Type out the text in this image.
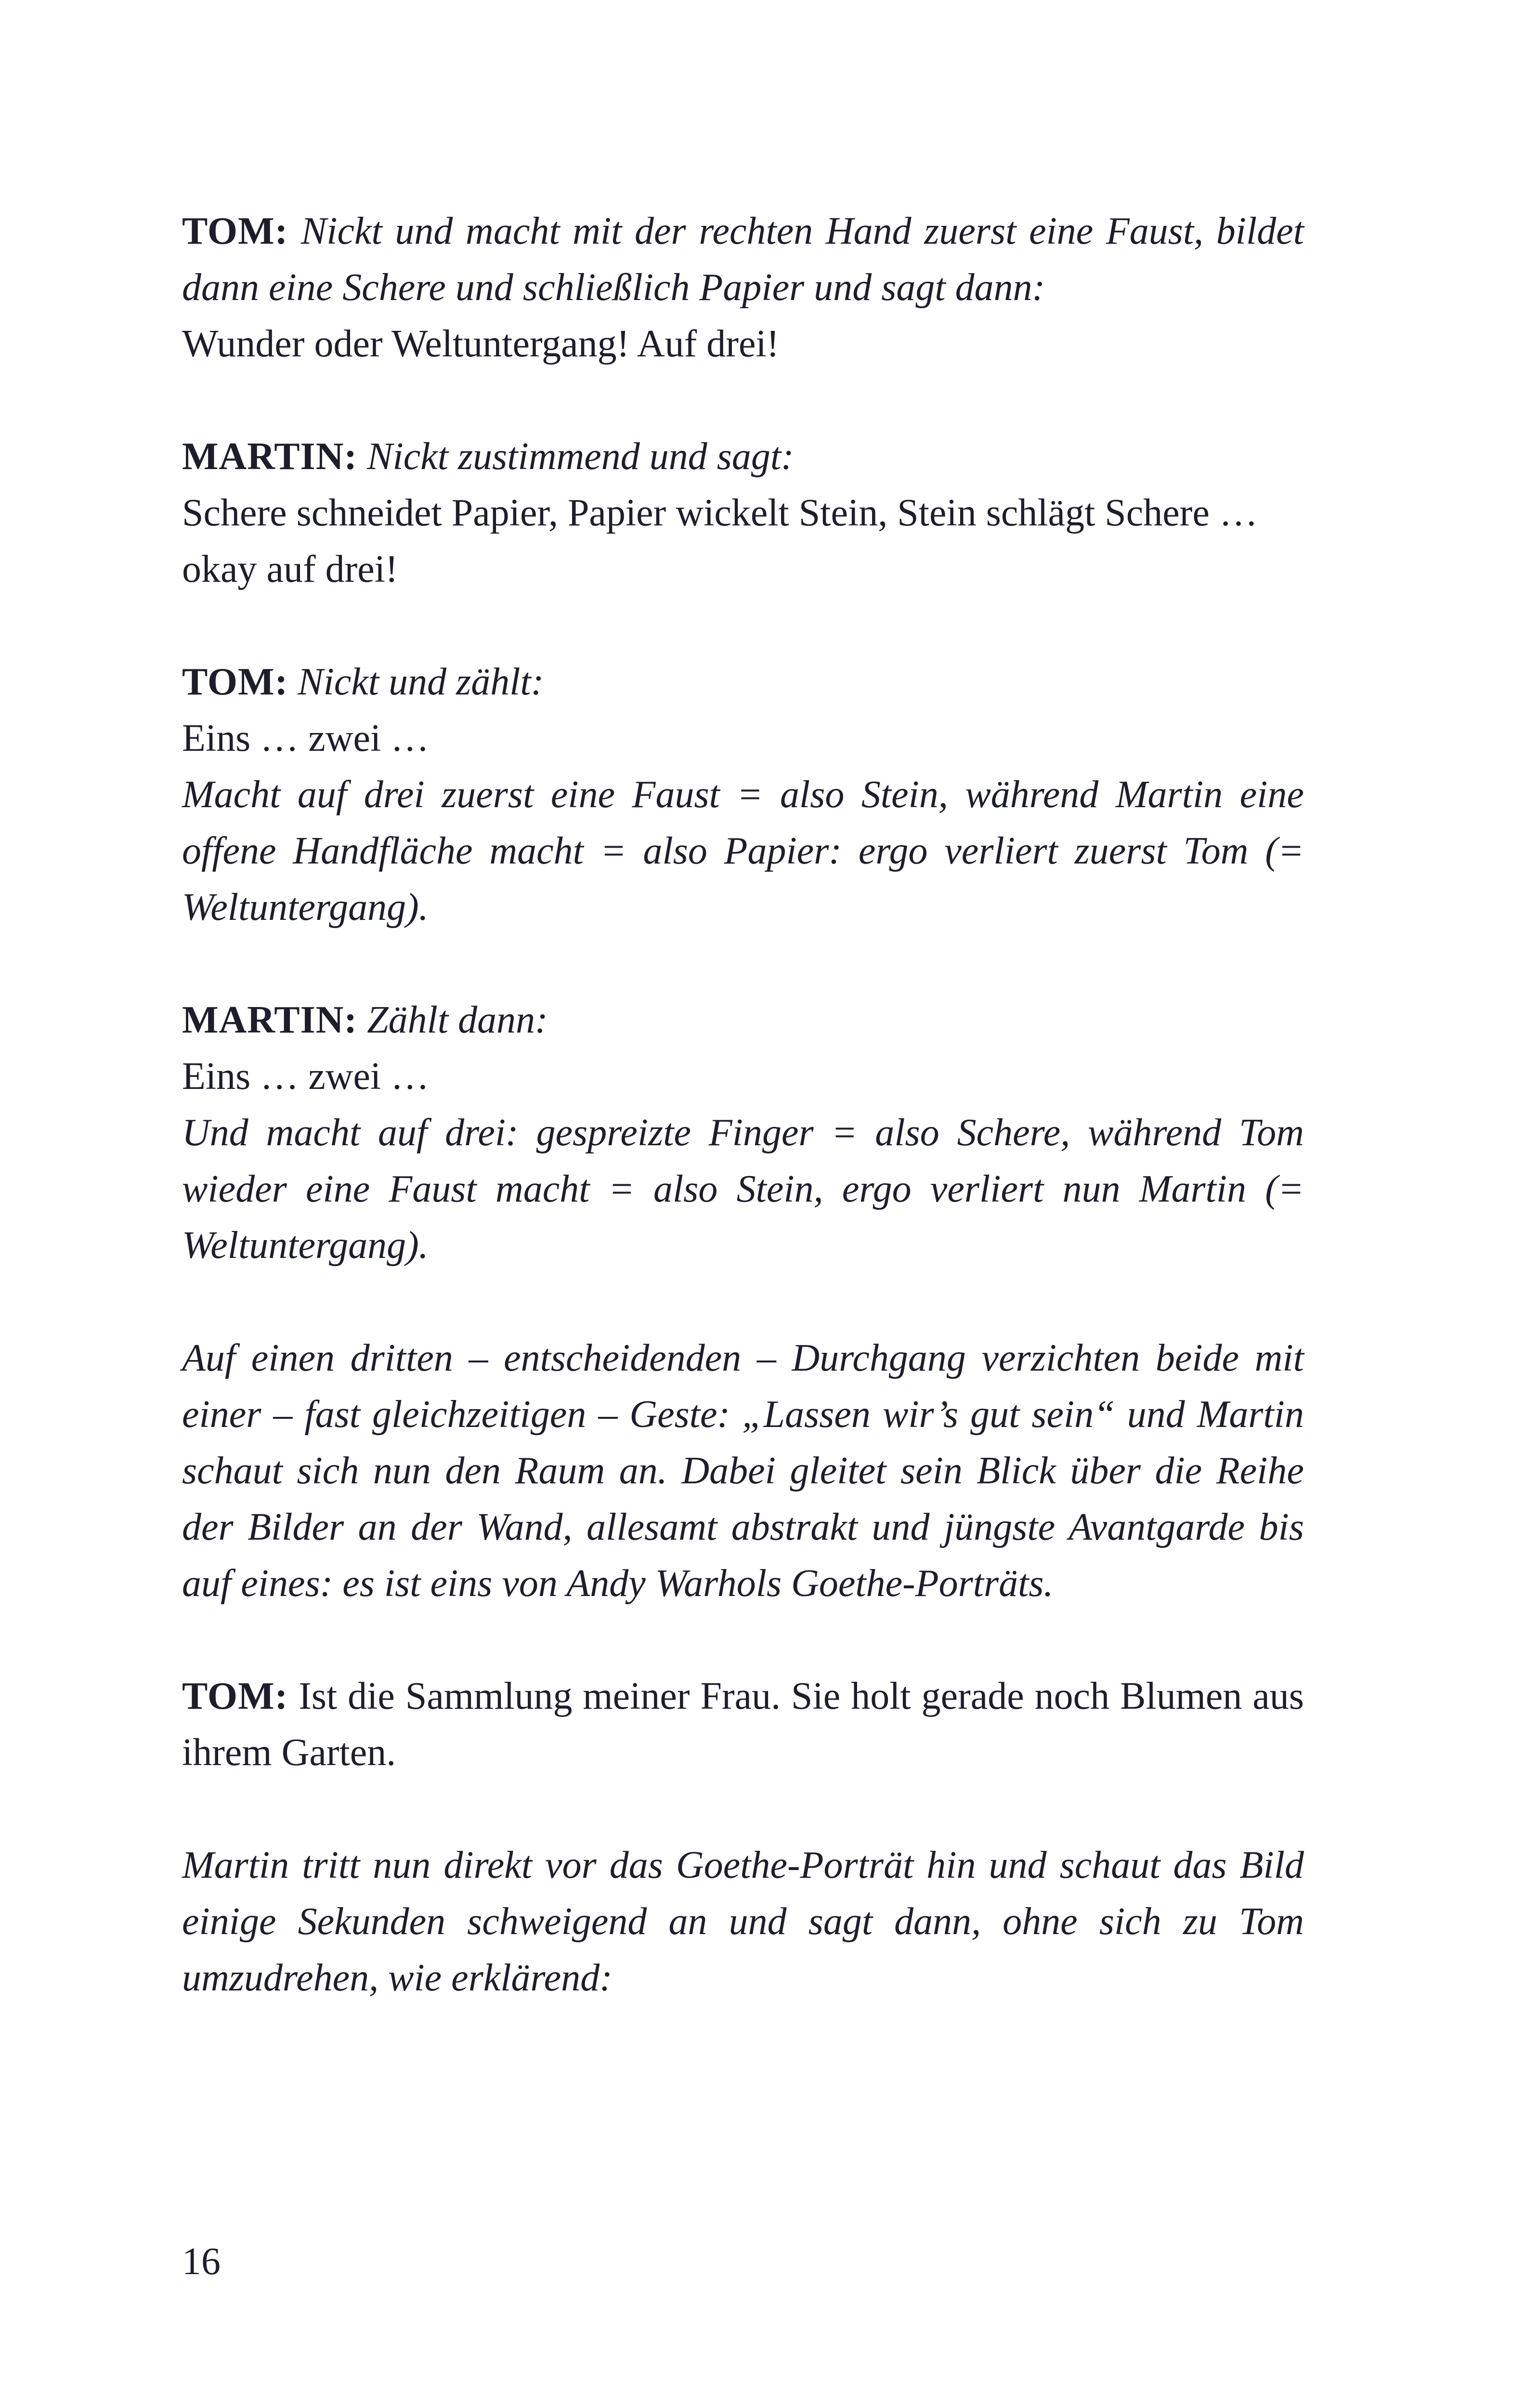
TOM: Nickt und macht mit der rechten Hand zuerst eine Faust, bildet dann eine Schere und schließlich Papier und sagt dann:

Wunder oder Weltuntergang! Auf drei!

MARTIN: Nickt zustimmend und sagt:

Schere schneidet Papier, Papier wickelt Stein, Stein schlägt Schere … okay auf drei!

TOM: Nickt und zählt:

Eins … zwei …

Macht auf drei zuerst eine Faust = also Stein, während Martin eine offene Handfläche macht = also Papier: ergo verliert zuerst Tom (= Weltuntergang).

MARTIN: Zählt dann:

Eins … zwei …

Und macht auf drei: gespreizte Finger = also Schere, während Tom wieder eine Faust macht = also Stein, ergo verliert nun Martin (= Weltuntergang).

Auf einen dritten – entscheidenden – Durchgang verzichten beide mit einer – fast gleichzeitigen – Geste: „Lassen wir’s gut sein“ und Martin schaut sich nun den Raum an. Dabei gleitet sein Blick über die Reihe der Bilder an der Wand, allesamt abstrakt und jüngste Avantgarde bis auf eines: es ist eins von Andy Warhols Goethe-Porträts.

TOM: Ist die Sammlung meiner Frau. Sie holt gerade noch Blumen aus ihrem Garten.

Martin tritt nun direkt vor das Goethe-Porträt hin und schaut das Bild einige Sekunden schweigend an und sagt dann, ohne sich zu Tom umzudrehen, wie erklärend:

16
